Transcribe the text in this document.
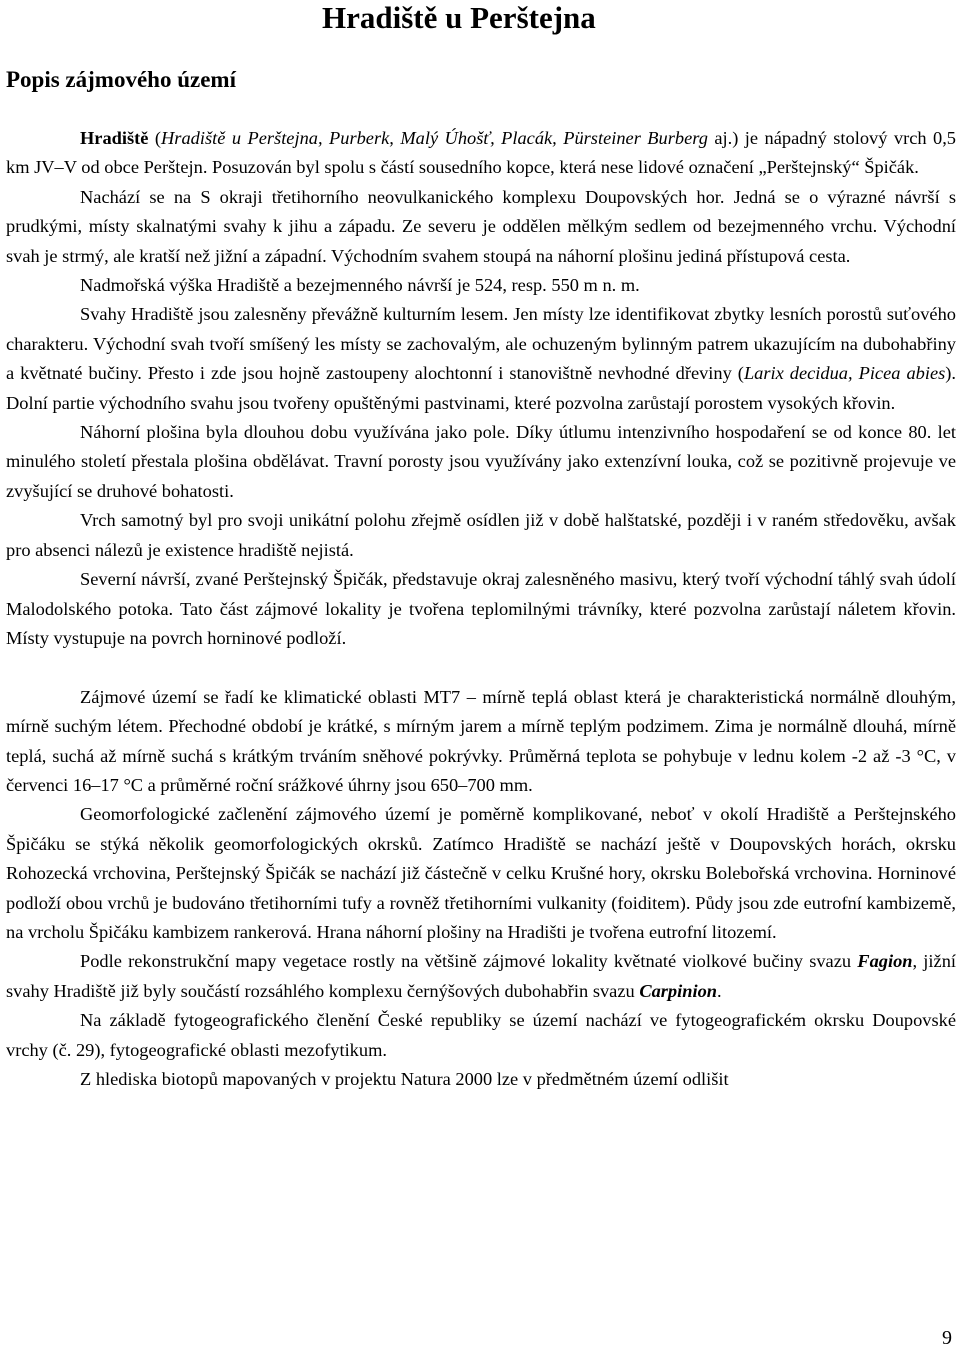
Hradiště u Perštejna
Popis zájmového území

Hradiště (Hradiště u Perštejna, Purberk, Malý Úhošť, Placák, Pürsteiner Burberg aj.) je nápadný stolový vrch 0,5 km JV–V od obce Perštejn. Posuzován byl spolu s částí sousedního kopce, která nese lidové označení „Perštejnský“ Špičák.

Nachází se na S okraji třetihorního neovulkanického komplexu Doupovských hor. Jedná se o výrazné návrší s prudkými, místy skalnatými svahy k jihu a západu. Ze severu je oddělen mělkým sedlem od bezejmenného vrchu. Východní svah je strmý, ale kratší než jižní a západní. Východním svahem stoupá na náhorní plošinu jediná přístupová cesta.

Nadmořská výška Hradiště a bezejmenného návrší je 524, resp. 550 m n. m.

Svahy Hradiště jsou zalesněny převážně kulturním lesem. Jen místy lze identifikovat zbytky lesních porostů suťového charakteru. Východní svah tvoří smíšený les místy se zachovalým, ale ochuzeným bylinným patrem ukazujícím na dubohabřiny a květnaté bučiny. Přesto i zde jsou hojně zastoupeny alochtonní i stanovištně nevhodné dřeviny (Larix decidua, Picea abies). Dolní partie východního svahu jsou tvořeny opuštěnými pastvinami, které pozvolna zarůstají porostem vysokých křovin.

Náhorní plošina byla dlouhou dobu využívána jako pole. Díky útlumu intenzivního hospodaření se od konce 80. let minulého století přestala plošina obdělávat. Travní porosty jsou využívány jako extenzívní louka, což se pozitivně projevuje ve zvyšující se druhové bohatosti.

Vrch samotný byl pro svoji unikátní polohu zřejmě osídlen již v době halštatské, později i v raném středověku, avšak pro absenci nálezů je existence hradiště nejistá.

Severní návrší, zvané Perštejnský Špičák, představuje okraj zalesněného masivu, který tvoří východní táhlý svah údolí Malodolského potoka. Tato část zájmové lokality je tvořena teplomilnými trávníky, které pozvolna zarůstají náletem křovin. Místy vystupuje na povrch horninové podloží.

Zájmové území se řadí ke klimatické oblasti MT7 – mírně teplá oblast která je charakteristická normálně dlouhým, mírně suchým létem. Přechodné období je krátké, s mírným jarem a mírně teplým podzimem. Zima je normálně dlouhá, mírně teplá, suchá až mírně suchá s krátkým trváním sněhové pokrývky. Průměrná teplota se pohybuje v lednu kolem -2 až -3 °C, v červenci 16–17 °C a průměrné roční srážkové úhrny jsou 650–700 mm.

Geomorfologické začlenění zájmového území je poměrně komplikované, neboť v okolí Hradiště a Perštejnského Špičáku se stýká několik geomorfologických okrsků. Zatímco Hradiště se nachází ještě v Doupovských horách, okrsku Rohozecká vrchovina, Perštejnský Špičák se nachází již částečně v celku Krušné hory, okrsku Bolebořská vrchovina. Horninové podloží obou vrchů je budováno třetihorními tufy a rovněž třetihorními vulkanity (foiditem). Půdy jsou zde eutrofní kambizemě, na vrcholu Špičáku kambizem rankerová. Hrana náhorní plošiny na Hradišti je tvořena eutrofní litozemí.

Podle rekonstrukční mapy vegetace rostly na většině zájmové lokality květnaté violkové bučiny svazu Fagion, jižní svahy Hradiště již byly součástí rozsáhlého komplexu černýšových dubohabřin svazu Carpinion.

Na základě fytogeografického členění České republiky se území nachází ve fytogeografickém okrsku Doupovské vrchy (č. 29), fytogeografické oblasti mezofytikum.

Z hlediska biotopů mapovaných v projektu Natura 2000 lze v předmětném území odlišit

9
